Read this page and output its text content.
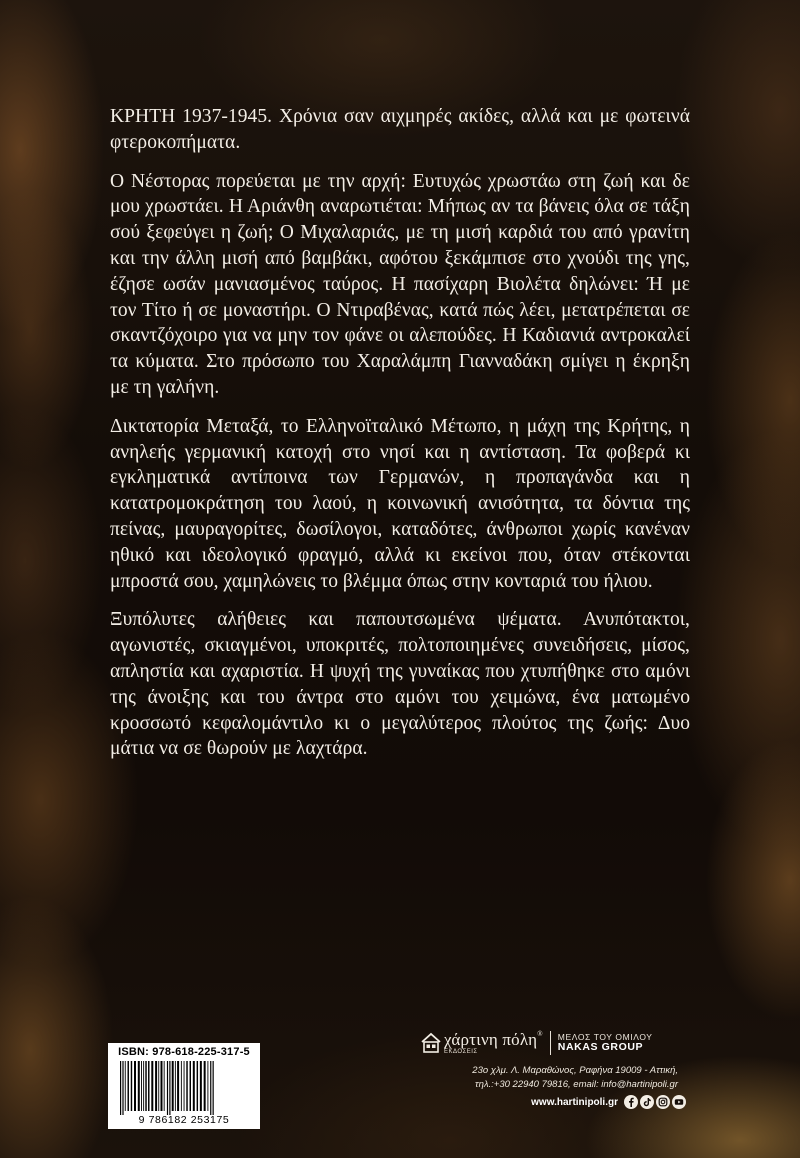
ΚΡΗΤΗ 1937-1945. Χρόνια σαν αιχμηρές ακίδες, αλλά και με φωτεινά φτεροκοπήματα.

Ο Νέστορας πορεύεται με την αρχή: Ευτυχώς χρωστάω στη ζωή και δε μου χρωστάει. Η Αριάνθη αναρωτιέται: Μήπως αν τα βάνεις όλα σε τάξη σού ξεφεύγει η ζωή; Ο Μιχαλαριάς, με τη μισή καρδιά του από γρανίτη και την άλλη μισή από βαμβάκι, αφότου ξεκάμπισε στο χνούδι της γης, έζησε ωσάν μανιασμένος ταύρος. Η πασίχαρη Βιολέτα δηλώνει: Ή με τον Τίτο ή σε μοναστήρι. Ο Ντιραβένας, κατά πώς λέει, μετατρέπεται σε σκαντζόχοιρο για να μην τον φάνε οι αλεπούδες. Η Καδιανιά αντροκαλεί τα κύματα. Στο πρόσωπο του Χαραλάμπη Γιανναδάκη σμίγει η έκρηξη με τη γαλήνη.

Δικτατορία Μεταξά, το Ελληνοϊταλικό Μέτωπο, η μάχη της Κρήτης, η ανηλεής γερμανική κατοχή στο νησί και η αντίσταση. Τα φοβερά κι εγκληματικά αντίποινα των Γερμανών, η προπαγάνδα και η κατατρομοκράτηση του λαού, η κοινωνική ανισότητα, τα δόντια της πείνας, μαυραγορίτες, δωσίλογοι, καταδότες, άνθρωποι χωρίς κανέναν ηθικό και ιδεολογικό φραγμό, αλλά κι εκείνοι που, όταν στέκονται μπροστά σου, χαμηλώνεις το βλέμμα όπως στην κονταριά του ήλιου.

Ξυπόλυτες αλήθειες και παπουτσωμένα ψέματα. Ανυπότακτοι, αγωνιστές, σκιαγμένοι, υποκριτές, πολτοποιημένες συνειδήσεις, μίσος, απληστία και αχαριστία. Η ψυχή της γυναίκας που χτυπήθηκε στο αμόνι της άνοιξης και του άντρα στο αμόνι του χειμώνα, ένα ματωμένο κροσσωτό κεφαλομάντιλο κι ο μεγαλύτερος πλούτος της ζωής: Δυο μάτια να σε θωρούν με λαχτάρα.

ISBN: 978-618-225-317-5
9 786182 253175
χάρτινη πόλη®
ΕΚΔΟΣΕΙΣ
ΜΕΛΟΣ ΤΟΥ ΟΜΙΛΟΥ
NAKAS GROUP
23ο χλμ. Λ. Μαραθώνος, Ραφήνα 19009 - Αττική,
τηλ.:+30 22940 79816, email: info@hartinipoli.gr
www.hartinipoli.gr
